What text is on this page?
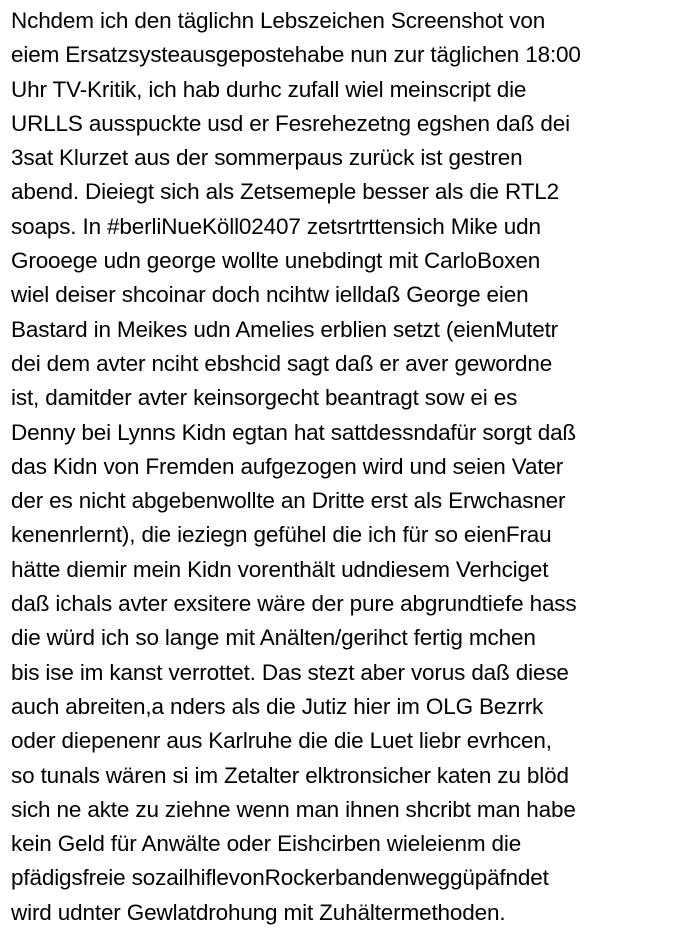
Nchdem ich den täglichn Lebszeichen Screenshot von
eiem Ersatzsysteausgepostehabe nun zur täglichen 18:00
Uhr TV-Kritik, ich hab durhc zufall wiel meinscript die
URLLS ausspuckte usd er Fesrehezetng egshen daß dei
3sat Klurzet aus der sommerpaus zurück ist gestren
abend. Dieiegt sich als Zetsemeple besser als die RTL2
soaps. In #berliNueKöll02407 zetsrtrttensich Mike udn
Grooege udn george wollte unebdingt mit CarloBoxen
wiel deiser shcoinar doch ncihtw ielldaß George eien
Bastard in Meikes udn Amelies erblien setzt (eienMutetr
dei dem avter nciht ebshcid sagt daß er aver gewordne
ist, damitder avter keinsorgecht beantragt sow ei es
Denny bei Lynns Kidn egtan hat sattdessndafür sorgt daß
das Kidn von Fremden aufgezogen wird und seien Vater
der es nicht abgebenwollte an Dritte erst als Erwchasner
kenenrlernt), die ieziegn gefühel die ich für so eienFrau
hätte diemir mein Kidn vorenthält udndiesem Verhciget
daß ichals avter exsitere wäre der pure abgrundtiefe hass
die würd ich so lange mit Anälten/gerihct fertig mchen
bis ise im kanst verrottet. Das stezt aber vorus daß diese
auch abreiten,a nders als die Jutiz hier im OLG Bezrrk
oder diepenenr aus Karlruhe die die Luet liebr evrhcen,
so tunals wären si im Zetalter elktronsicher katen zu blöd
sich ne akte zu ziehne wenn man ihnen shcribt man habe
kein Geld für Anwälte oder Eishcirben wieleienm die
pfädigsfreie sozailhiflevonRockerbandenweggüpäfndet
wird udnter Gewlatdrohung mit Zuhältermethoden.
